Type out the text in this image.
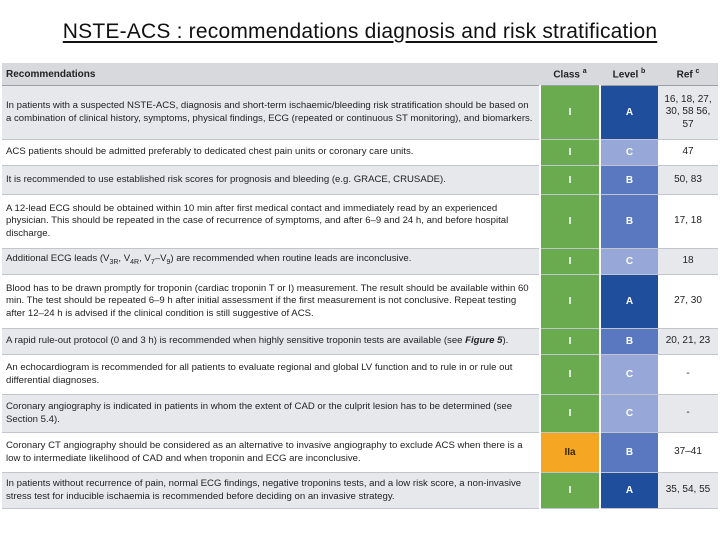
NSTE-ACS : recommendations diagnosis and risk stratification
Recommendations	Class $^a$	Level $^b$	Ref $^c$
In patients with a suspected NSTE-ACS, diagnosis and short-term ischaemic/bleeding risk stratification should be based on a combination of clinical history, symptoms, physical findings, ECG (repeated or continuous ST monitoring), and biomarkers.	I	A	16, 18, 27, 30, 58 56, 57
ACS patients should be admitted preferably to dedicated chest pain units or coronary care units.	I	C	47
It is recommended to use established risk scores for prognosis and bleeding (e.g. GRACE, CRUSADE).	I	B	50, 83
A 12-lead ECG should be obtained within 10 min after first medical contact and immediately read by an experienced physician. This should be repeated in the case of recurrence of symptoms, and after 6–9 and 24 h, and before hospital discharge.	I	B	17, 18
Additional ECG leads ($V_{3R}$, $V_{4R}$, $V_7-V_9$) are recommended when routine leads are inconclusive.	I	C	18
Blood has to be drawn promptly for troponin (cardiac troponin T or I) measurement. The result should be available within 60 min. The test should be repeated 6–9 h after initial assessment if the first measurement is not conclusive. Repeat testing after 12–24 h is advised if the clinical condition is still suggestive of ACS.	I	A	27, 30
A rapid rule-out protocol (0 and 3 h) is recommended when highly sensitive troponin tests are available (see Figure 5).	I	B	20, 21, 23
An echocardiogram is recommended for all patients to evaluate regional and global LV function and to rule in or rule out differential diagnoses.	I	C	-
Coronary angiography is indicated in patients in whom the extent of CAD or the culprit lesion has to be determined (see Section 5.4).	I	C	-
Coronary CT angiography should be considered as an alternative to invasive angiography to exclude ACS when there is a low to intermediate likelihood of CAD and when troponin and ECG are inconclusive.	IIa	B	37–41
In patients without recurrence of pain, normal ECG findings, negative troponins tests, and a low risk score, a non-invasive stress test for inducible ischaemia is recommended before deciding on an invasive strategy.	I	A	35, 54, 55
